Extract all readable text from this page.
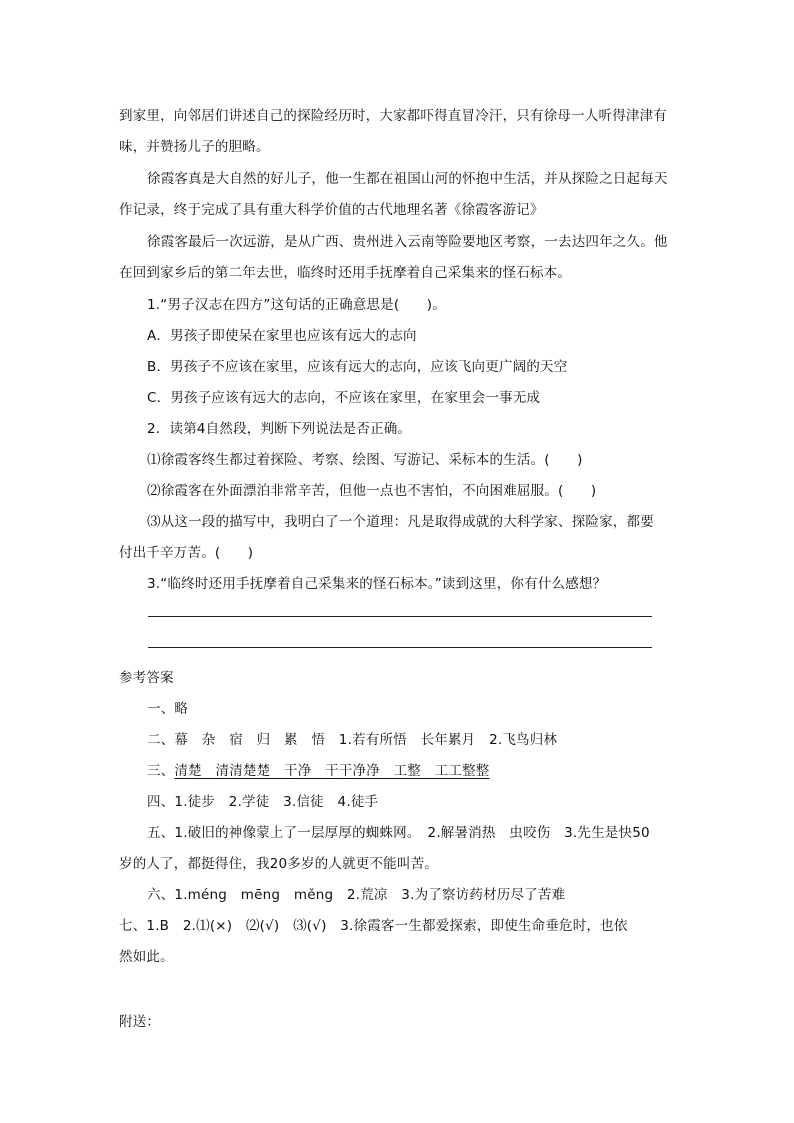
到家里，向邻居们讲述自己的探险经历时，大家都吓得直冒冷汗，只有徐母一人听得津津有
味，并赞扬儿子的胆略。
徐霞客真是大自然的好儿子，他一生都在祖国山河的怀抱中生活，并从探险之日起每天
作记录，终于完成了具有重大科学价值的古代地理名著《徐霞客游记》
徐霞客最后一次远游，是从广西、贵州进入云南等险要地区考察，一去达四年之久。他
在回到家乡后的第二年去世，临终时还用手抚摩着自己采集来的怪石标本。
1.“男子汉志在四方”这句话的正确意思是(　　)。
A．男孩子即使呆在家里也应该有远大的志向
B．男孩子不应该在家里，应该有远大的志向，应该飞向更广阔的天空
C．男孩子应该有远大的志向，不应该在家里，在家里会一事无成
2．读第4自然段，判断下列说法是否正确。
⑴徐霞客终生都过着探险、考察、绘图、写游记、采标本的生活。(　　)
⑵徐霞客在外面漂泊非常辛苦，但他一点也不害怕，不向困难屈服。(　　)
⑶从这一段的描写中，我明白了一个道理：凡是取得成就的大科学家、探险家，都要
付出千辛万苦。(　　)
3.“临终时还用手抚摩着自己采集来的怪石标本。”读到这里，你有什么感想？
参考答案
一、略
二、幕　杂　宿　归　累　悟　1.若有所悟　长年累月　2.飞鸟归林
三、清楚　清清楚楚　干净　干干净净　工整　工工整整
四、1.徒步　2.学徒　3.信徒　4.徒手
五、1.破旧的神像蒙上了一层厚厚的蜘蛛网。　2.解暑消热　虫咬伤　3.先生是快50
岁的人了，都挺得住，我20多岁的人就更不能叫苦。
六、1.méng　mēng　měng　2.荒凉　3.为了察访药材历尽了苦难
七、1.B　2.⑴(×)　⑵(√)　⑶(√)　3.徐霞客一生都爱探索，即使生命垂危时，也依
然如此。
附送：
